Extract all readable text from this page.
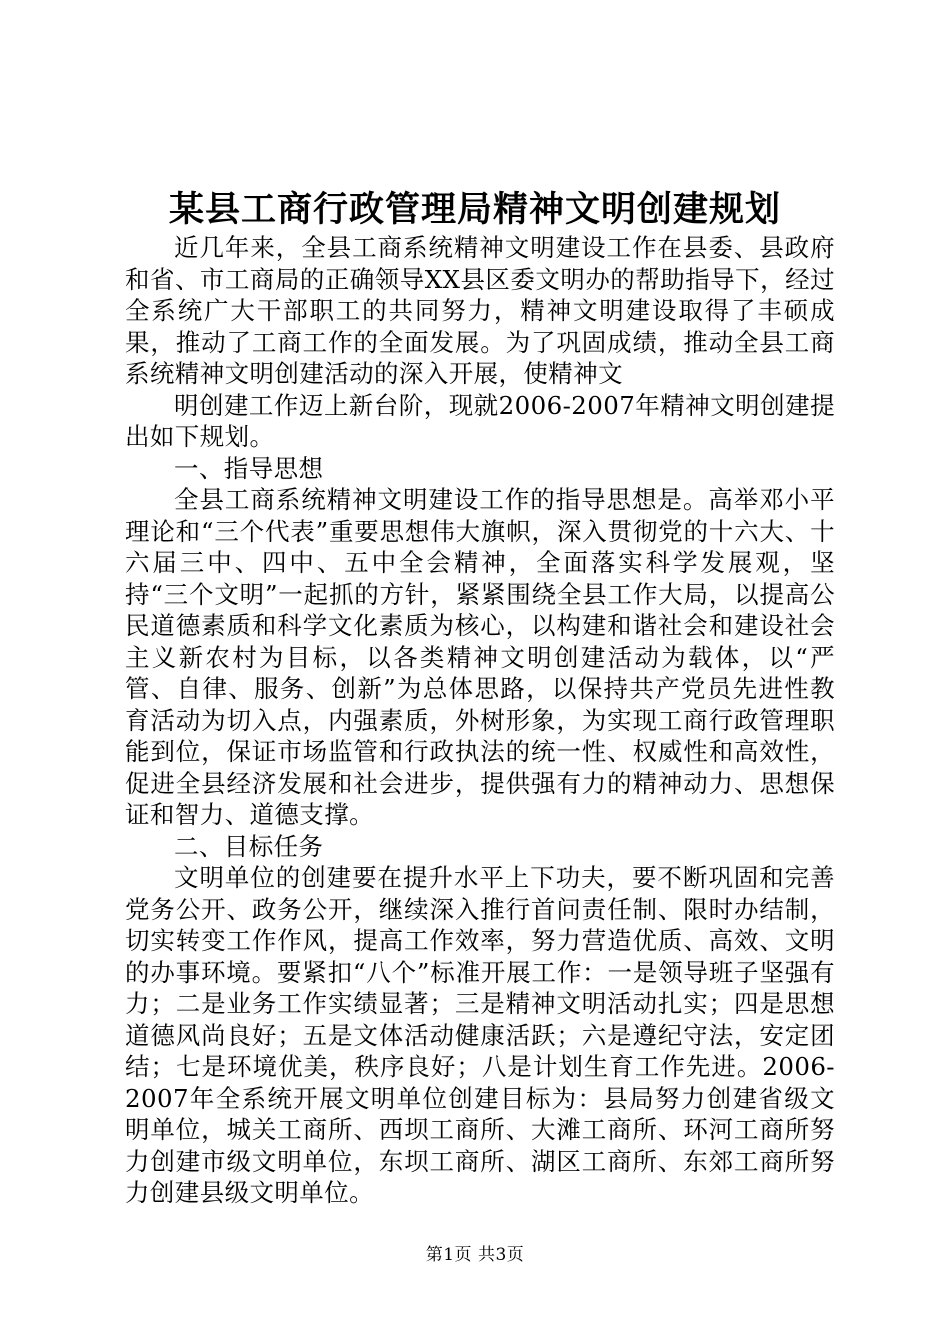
某县工商行政管理局精神文明创建规划

近几年来，全县工商系统精神文明建设工作在县委、县政府和省、市工商局的正确领导XX县区委文明办的帮助指导下，经过全系统广大干部职工的共同努力，精神文明建设取得了丰硕成果，推动了工商工作的全面发展。为了巩固成绩，推动全县工商系统精神文明创建活动的深入开展，使精神文

明创建工作迈上新台阶，现就2006-2007年精神文明创建提出如下规划。

一、指导思想

全县工商系统精神文明建设工作的指导思想是。高举邓小平理论和“三个代表”重要思想伟大旗帜，深入贯彻党的十六大、十六届三中、四中、五中全会精神，全面落实科学发展观，坚持“三个文明”一起抓的方针，紧紧围绕全县工作大局，以提高公民道德素质和科学文化素质为核心，以构建和谐社会和建设社会主义新农村为目标，以各类精神文明创建活动为载体，以“严管、自律、服务、创新”为总体思路，以保持共产党员先进性教育活动为切入点，内强素质，外树形象，为实现工商行政管理职能到位，保证市场监管和行政执法的统一性、权威性和高效性，促进全县经济发展和社会进步，提供强有力的精神动力、思想保证和智力、道德支撑。

二、目标任务

文明单位的创建要在提升水平上下功夫，要不断巩固和完善党务公开、政务公开，继续深入推行首问责任制、限时办结制，切实转变工作作风，提高工作效率，努力营造优质、高效、文明的办事环境。要紧扣“八个”标准开展工作：一是领导班子坚强有力；二是业务工作实绩显著；三是精神文明活动扎实；四是思想道德风尚良好；五是文体活动健康活跃；六是遵纪守法，安定团结；七是环境优美，秩序良好；八是计划生育工作先进。2006-2007年全系统开展文明单位创建目标为：县局努力创建省级文明单位，城关工商所、西坝工商所、大滩工商所、环河工商所努力创建市级文明单位，东坝工商所、湖区工商所、东郊工商所努力创建县级文明单位。

第1页 共3页
